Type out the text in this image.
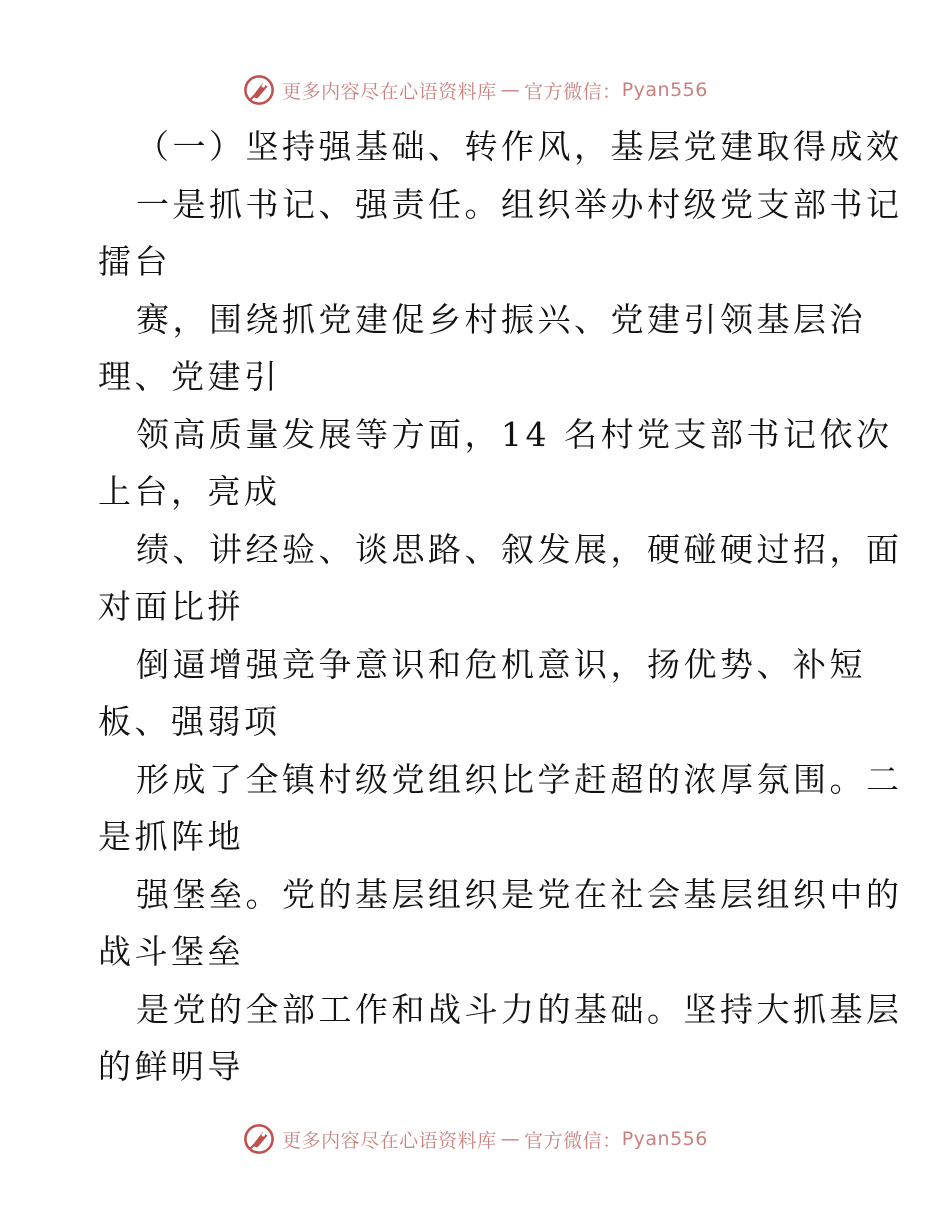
更多内容尽在心语资料库 — 官方微信： Pyan556
（一）坚持强基础、转作风，基层党建取得成效
一是抓书记、强责任。组织举办村级党支部书记
擂台
赛，围绕抓党建促乡村振兴、党建引领基层治
理、党建引
领高质量发展等方面，14 名村党支部书记依次
上台，亮成
绩、讲经验、谈思路、叙发展，硬碰硬过招，面
对面比拼
倒逼增强竞争意识和危机意识，扬优势、补短
板、强弱项
形成了全镇村级党组织比学赶超的浓厚氛围。二
是抓阵地
强堡垒。党的基层组织是党在社会基层组织中的
战斗堡垒
是党的全部工作和战斗力的基础。坚持大抓基层
的鲜明导
更多内容尽在心语资料库 — 官方微信： Pyan556
